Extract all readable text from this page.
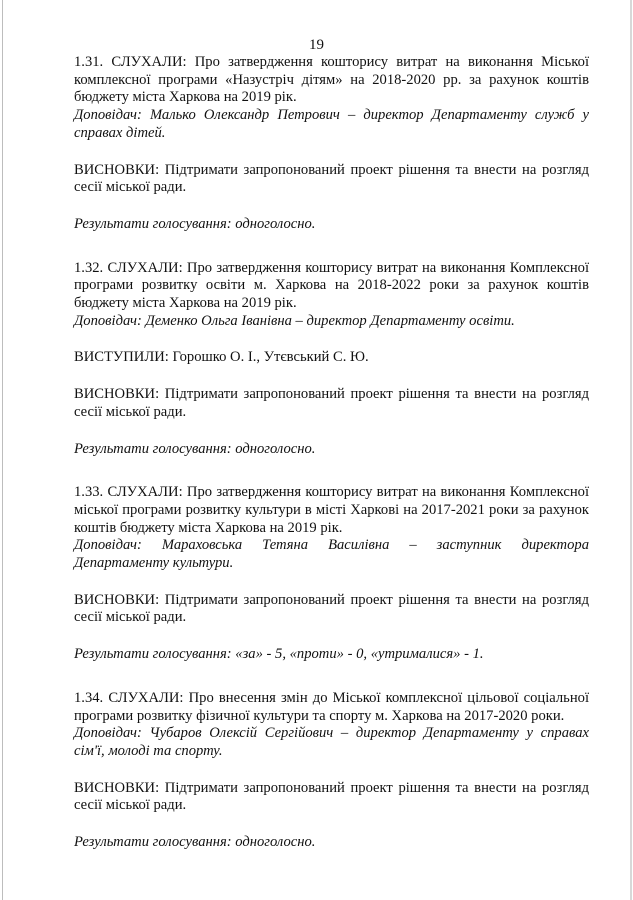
19

1.31. СЛУХАЛИ: Про затвердження кошторису витрат на виконання Міської комплексної програми «Назустріч дітям» на 2018-2020 рр. за рахунок коштів бюджету міста Харкова на 2019 рік.

Доповідач: Малько Олександр Петрович – директор Департаменту служб у справах дітей.

ВИСНОВКИ: Підтримати запропонований проект рішення та внести на розгляд сесії міської ради.

Результати голосування: одноголосно.

1.32. СЛУХАЛИ: Про затвердження кошторису витрат на виконання Комплексної програми розвитку освіти м. Харкова на 2018-2022 роки за рахунок коштів бюджету міста Харкова на 2019 рік.

Доповідач: Деменко Ольга Іванівна – директор Департаменту освіти.

ВИСТУПИЛИ: Горошко О. І., Утєвський С. Ю.

ВИСНОВКИ: Підтримати запропонований проект рішення та внести на розгляд сесії міської ради.

Результати голосування: одноголосно.

1.33. СЛУХАЛИ: Про затвердження кошторису витрат на виконання Комплексної міської програми розвитку культури в місті Харкові на 2017-2021 роки за рахунок коштів бюджету міста Харкова на 2019 рік.

Доповідач: Мараховська Тетяна Василівна – заступник директора Департаменту культури.

ВИСНОВКИ: Підтримати запропонований проект рішення та внести на розгляд сесії міської ради.

Результати голосування: «за» - 5, «проти» - 0, «утрималися» - 1.

1.34. СЛУХАЛИ: Про внесення змін до Міської комплексної цільової соціальної програми розвитку фізичної культури та спорту м. Харкова на 2017-2020 роки.

Доповідач: Чубаров Олексій Сергійович – директор Департаменту у справах сім'ї, молоді та спорту.

ВИСНОВКИ: Підтримати запропонований проект рішення та внести на розгляд сесії міської ради.

Результати голосування: одноголосно.
